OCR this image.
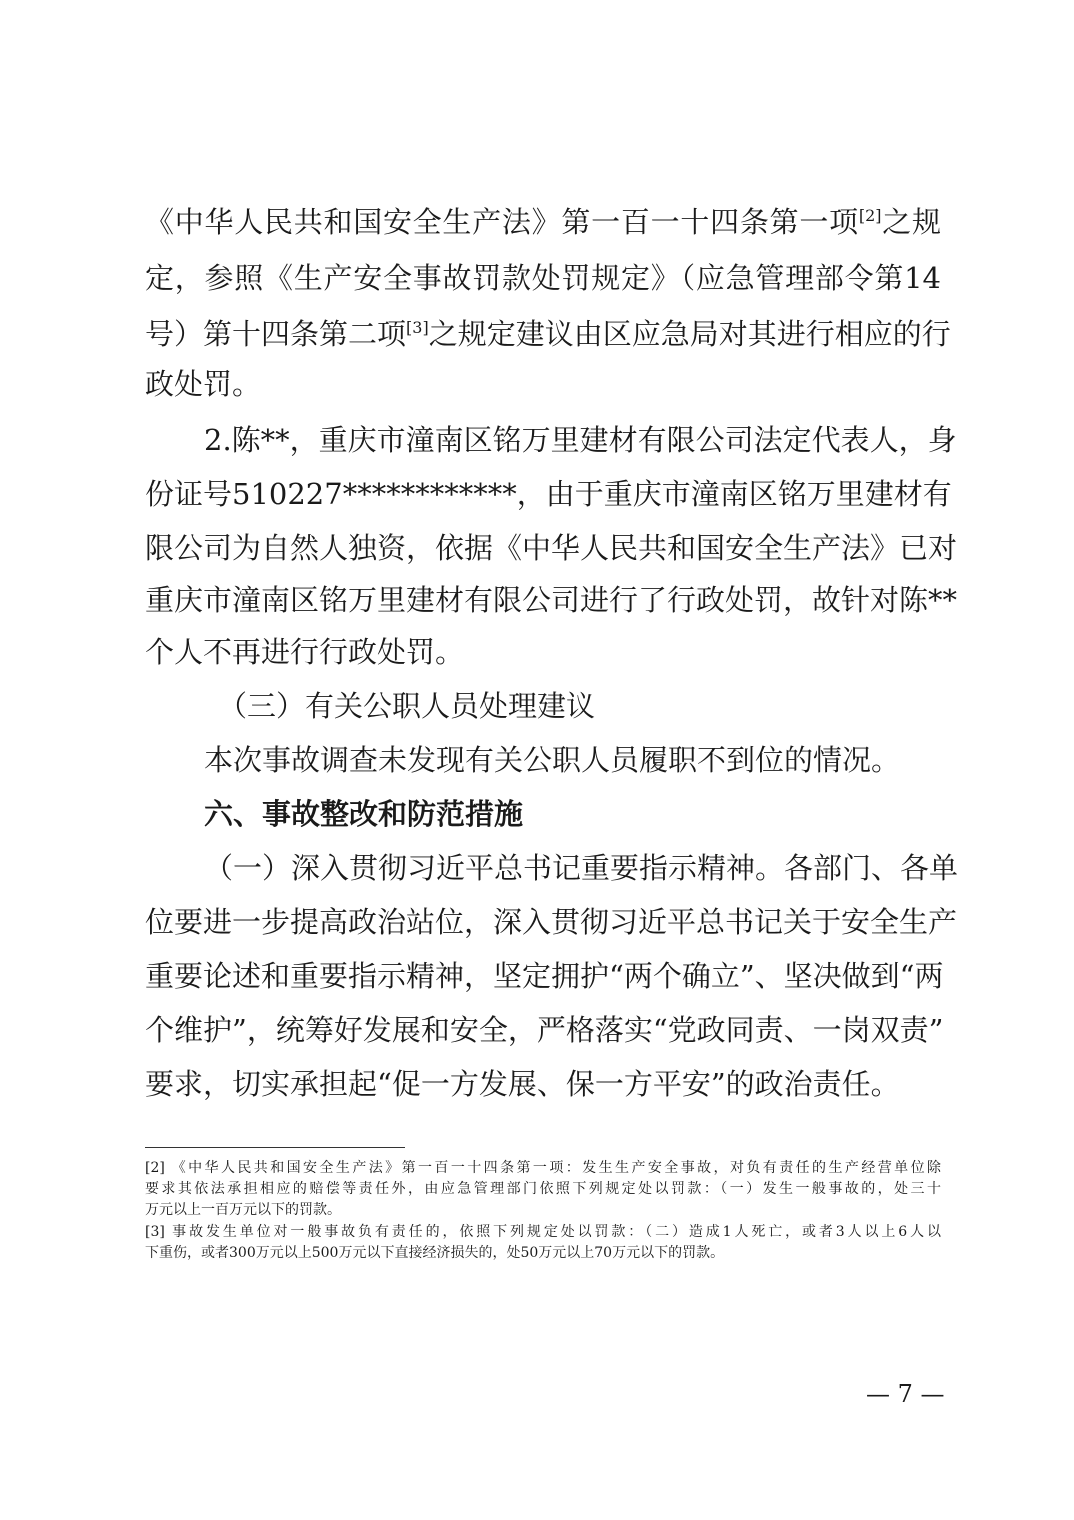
《中华人民共和国安全生产法》第一百一十四条第一项[2]之规
定，参照《生产安全事故罚款处罚规定》（应急管理部令第14
号）第十四条第二项[3]之规定建议由区应急局对其进行相应的行
政处罚。
2.陈**，重庆市潼南区铭万里建材有限公司法定代表人，身
份证号510227************，由于重庆市潼南区铭万里建材有
限公司为自然人独资，依据《中华人民共和国安全生产法》已对
重庆市潼南区铭万里建材有限公司进行了行政处罚，故针对陈**
个人不再进行行政处罚。
（三）有关公职人员处理建议
本次事故调查未发现有关公职人员履职不到位的情况。
六、事故整改和防范措施
（一）深入贯彻习近平总书记重要指示精神。各部门、各单
位要进一步提高政治站位，深入贯彻习近平总书记关于安全生产
重要论述和重要指示精神，坚定拥护“两个确立”、坚决做到“两
个维护”，统筹好发展和安全，严格落实“党政同责、一岗双责”
要求，切实承担起“促一方发展、保一方平安”的政治责任。
[2] 《中华人民共和国安全生产法》第一百一十四条第一项：发生生产安全事故，对负有责任的生产经营单位除
要求其依法承担相应的赔偿等责任外，由应急管理部门依照下列规定处以罚款：（一）发生一般事故的，处三十
万元以上一百万元以下的罚款。
[3] 事故发生单位对一般事故负有责任的，依照下列规定处以罚款：（二）造成1人死亡，或者3人以上6人以
下重伤，或者300万元以上500万元以下直接经济损失的，处50万元以上70万元以下的罚款。
— 7 —
